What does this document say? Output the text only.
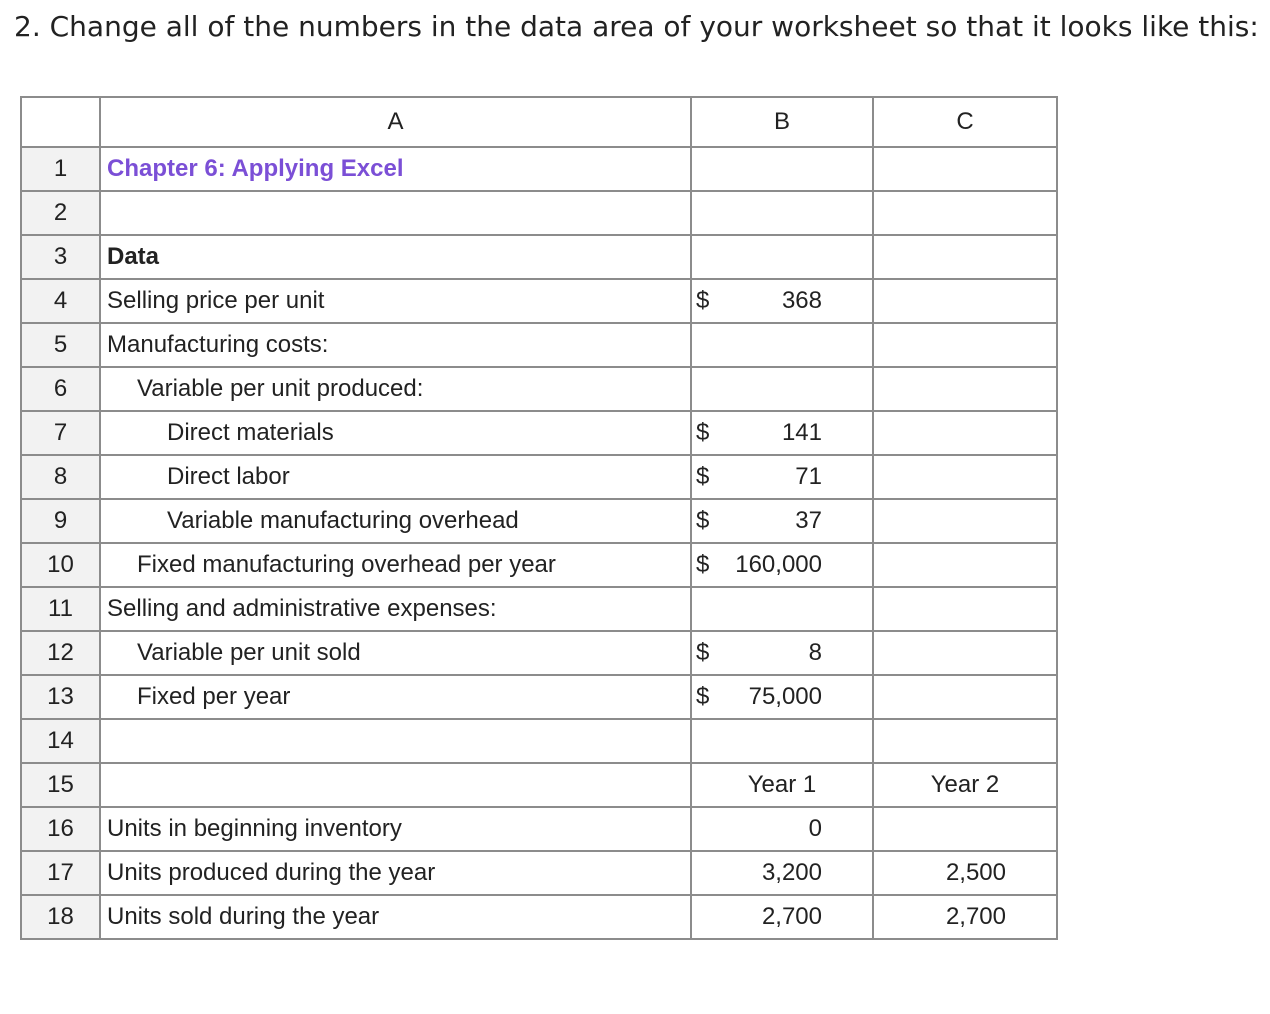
2. Change all of the numbers in the data area of your worksheet so that it looks like this:
	A	B	C
1	Chapter 6: Applying Excel		
2			
3	Data		
4	Selling price per unit	$ 368	

5	Manufacturing costs:		
6	Variable per unit produced:		
7	Direct materials	$ 141	

8	Direct labor	$ 71	

9	Variable manufacturing overhead	$ 37	

10	Fixed manufacturing overhead per year	$ 160,000	

11	Selling and administrative expenses:		
12	Variable per unit sold	$ 8	

13	Fixed per year	$ 75,000	

14			
15		Year 1	Year 2
16	Units in beginning inventory	0	

17	Units produced during the year	3,200	2,500

18	Units sold during the year	2,700	2,700
